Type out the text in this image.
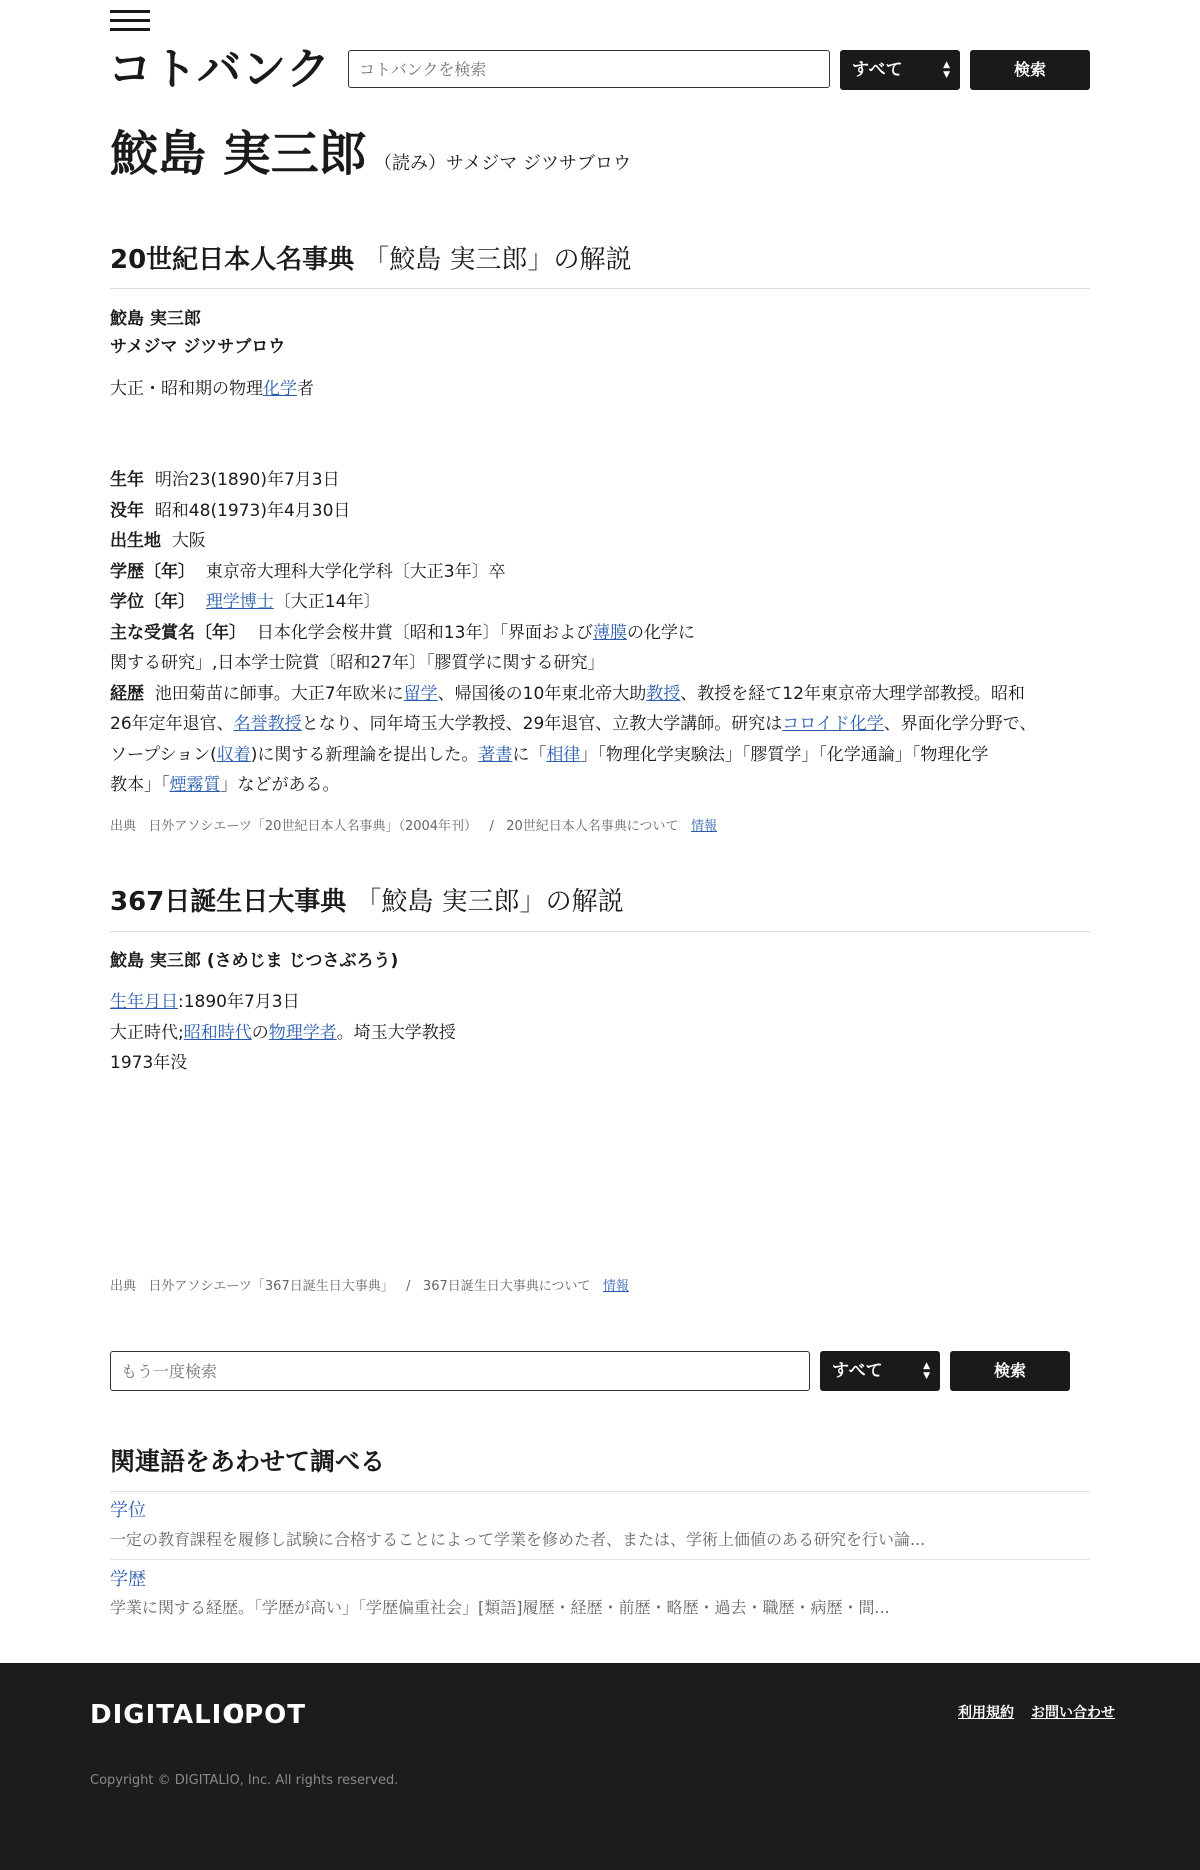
コトバンク
コトバンクを検索	すべて	▲
▼	検索
鮫島 実三郎 （読み）サメジマ ジツサブロウ
20世紀日本人名事典 「鮫島 実三郎」の解説
鮫島 実三郎
サメジマ ジツサブロウ
大正・昭和期の物理化学者
生年 明治23(1890)年7月3日
没年 昭和48(1973)年4月30日
出生地 大阪
学歴〔年〕 東京帝大理科大学化学科〔大正3年〕卒
学位〔年〕 理学博士〔大正14年〕
主な受賞名〔年〕 日本化学会桜井賞〔昭和13年〕「界面および薄膜の化学に
関する研究」,日本学士院賞〔昭和27年〕「膠質学に関する研究」
経歴 池田菊苗に師事。大正7年欧米に留学、帰国後の10年東北帝大助教授、教授を経て12年東京帝大理学部教授。昭和
26年定年退官、名誉教授となり、同年埼玉大学教授、29年退官、立教大学講師。研究はコロイド化学、界面化学分野で、
ソープション(収着)に関する新理論を提出した。著書に「相律」「物理化学実験法」「膠質学」「化学通論」「物理化学
教本」「煙霧質」などがある。
出典 日外アソシエーツ「20世紀日本人名事典」（2004年刊） / 20世紀日本人名事典について 情報
367日誕生日大事典 「鮫島 実三郎」の解説
鮫島 実三郎 (さめじま じつさぶろう)
生年月日:1890年7月3日
大正時代;昭和時代の物理学者。埼玉大学教授
1973年没
出典 日外アソシエーツ「367日誕生日大事典」 / 367日誕生日大事典について 情報
もう一度検索
すべて	▲
▼	検索
関連語をあわせて調べる
学位
一定の教育課程を履修し試験に合格することによって学業を修めた者、または、学術上価値のある研究を行い論...
学歴
学業に関する経歴。「学歴が高い」「学歴偏重社会」[類語]履歴・経歴・前歴・略歴・過去・職歴・病歴・間...
DIGITALIO
CPOT	利用規約 お問い合わせ
Copyright © DIGITALIO, Inc. All rights reserved.
